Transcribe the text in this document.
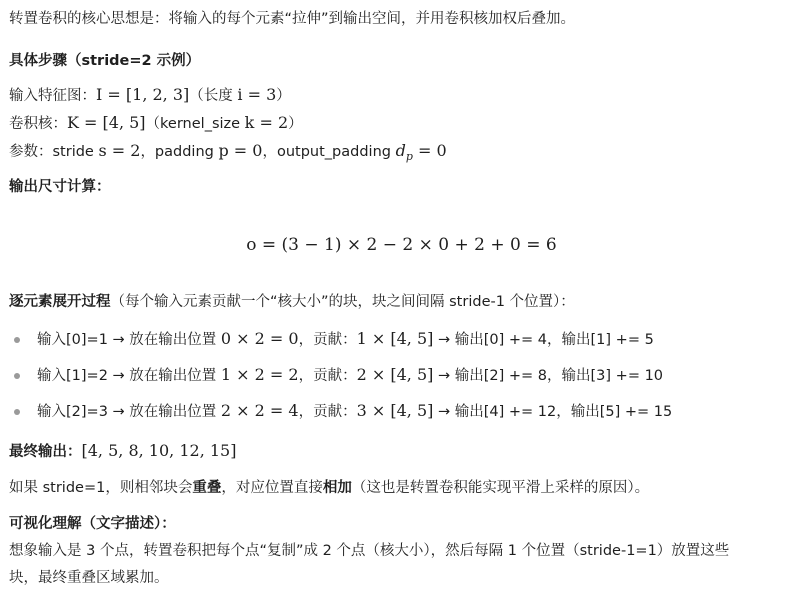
转置卷积的核心思想是：将输入的每个元素“拉伸”到输出空间，并用卷积核加权后叠加。
具体步骤（stride=2 示例）
输入特征图：I = [1, 2, 3]（长度 i = 3）
卷积核：K = [4, 5]（kernel_size k = 2）
参数：stride s = 2，padding p = 0，output_padding $d_p = 0$
输出尺寸计算：
o = (3 − 1) × 2 − 2 × 0 + 2 + 0 = 6
逐元素展开过程（每个输入元素贡献一个“核大小”的块，块之间间隔 stride-1 个位置）：
输入[0]=1 → 放在输出位置 0 × 2 = 0，贡献：1 × [4, 5] → 输出[0] += 4，输出[1] += 5
输入[1]=2 → 放在输出位置 1 × 2 = 2，贡献：2 × [4, 5] → 输出[2] += 8，输出[3] += 10
输入[2]=3 → 放在输出位置 2 × 2 = 4，贡献：3 × [4, 5] → 输出[4] += 12，输出[5] += 15
最终输出：[4, 5, 8, 10, 12, 15]
如果 stride=1，则相邻块会重叠，对应位置直接相加（这也是转置卷积能实现平滑上采样的原因）。
可视化理解（文字描述）：
想象输入是 3 个点，转置卷积把每个点“复制”成 2 个点（核大小），然后每隔 1 个位置（stride-1=1）放置这些
块，最终重叠区域累加。
